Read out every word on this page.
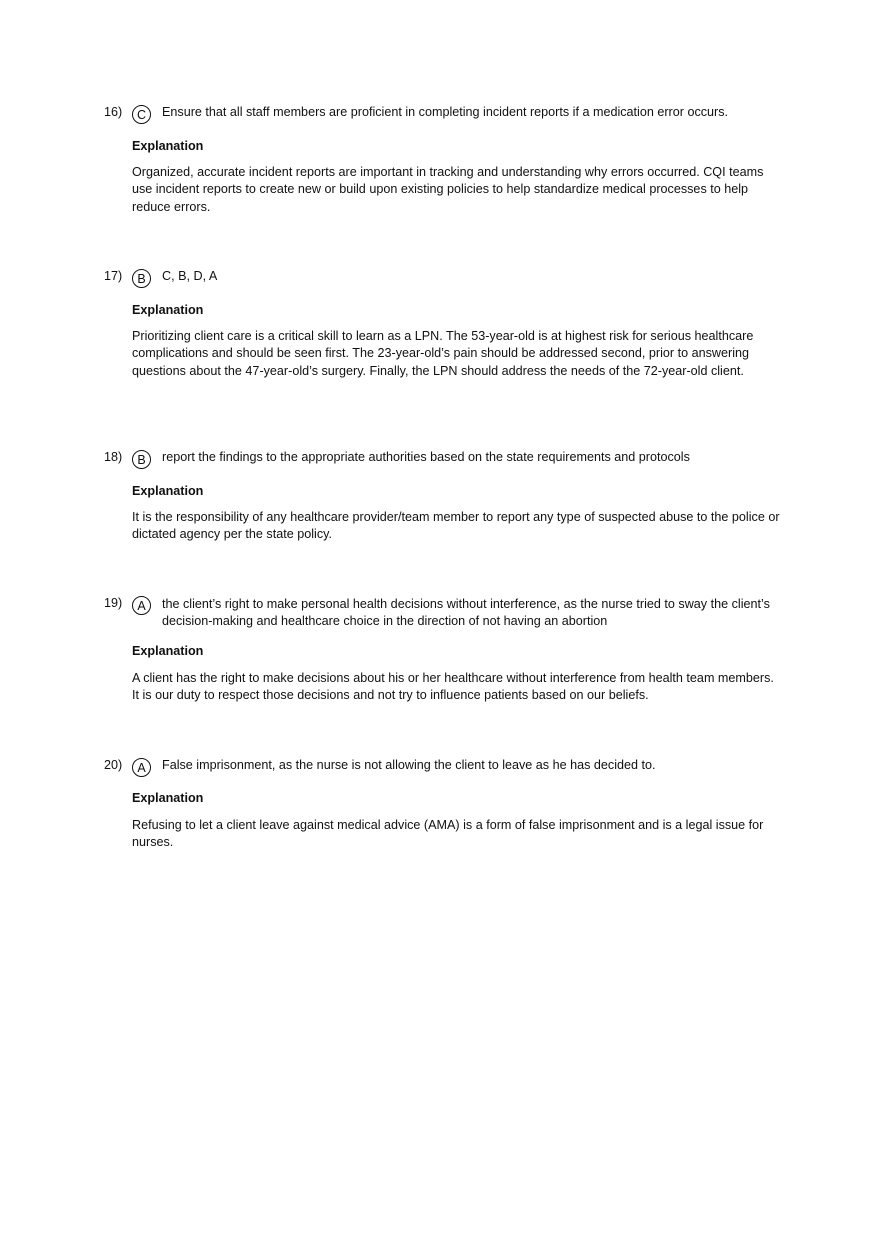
16)	C	Ensure that all staff members are proficient in completing incident reports if a medication error occurs.
Explanation
Organized, accurate incident reports are important in tracking and understanding why errors occurred. CQI teams use incident reports to create new or build upon existing policies to help standardize medical processes to help reduce errors.
17)	B	C, B, D, A
Explanation
Prioritizing client care is a critical skill to learn as a LPN. The 53-year-old is at highest risk for serious healthcare complications and should be seen first. The 23-year-old’s pain should be addressed second, prior to answering questions about the 47-year-old’s surgery. Finally, the LPN should address the needs of the 72-year-old client.
18)	B	report the findings to the appropriate authorities based on the state requirements and protocols
Explanation
It is the responsibility of any healthcare provider/team member to report any type of suspected abuse to the police or dictated agency per the state policy.
19)	A	the client’s right to make personal health decisions without interference, as the nurse tried to sway the client’s decision-making and healthcare choice in the direction of not having an abortion
Explanation
A client has the right to make decisions about his or her healthcare without interference from health team members. It is our duty to respect those decisions and not try to influence patients based on our beliefs.
20)	A	False imprisonment, as the nurse is not allowing the client to leave as he has decided to.
Explanation
Refusing to let a client leave against medical advice (AMA) is a form of false imprisonment and is a legal issue for nurses.
